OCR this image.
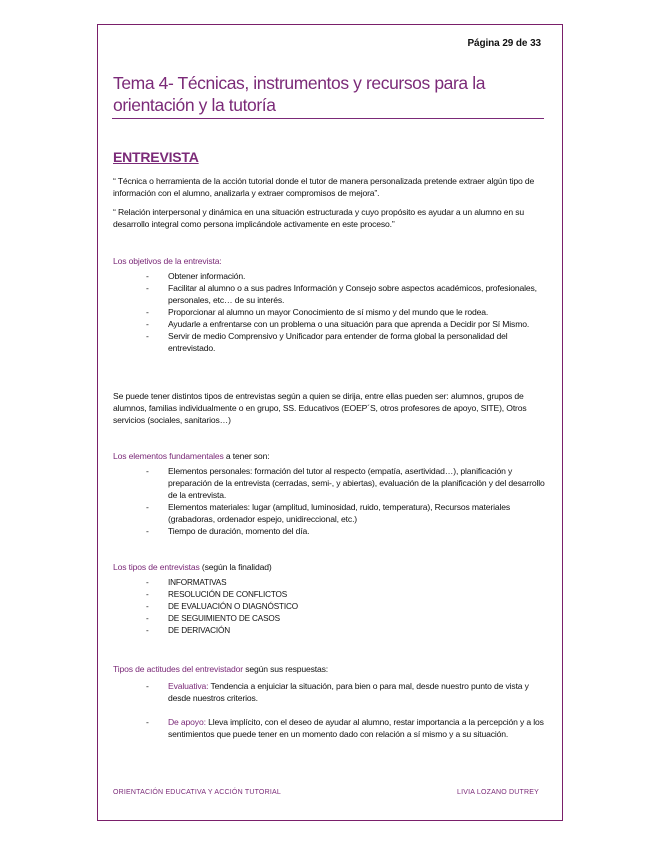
Página 29 de 33
Tema 4- Técnicas, instrumentos y recursos para la orientación y la tutoría
ENTREVISTA
“ Técnica o herramienta de la acción tutorial donde el tutor de manera personalizada pretende extraer algún tipo de información con el alumno, analizarla y extraer compromisos de mejora”.
“ Relación interpersonal y dinámica en una situación estructurada y cuyo propósito es ayudar a un alumno en su desarrollo integral como persona implicándole activamente en este proceso.”
Los objetivos de la entrevista:
- Obtener información.
- Facilitar al alumno o a sus padres Información y Consejo sobre aspectos académicos, profesionales, personales, etc… de su interés.
- Proporcionar al alumno un mayor Conocimiento de sí mismo y del mundo que le rodea.
- Ayudarle a enfrentarse con un problema o una situación para que aprenda a Decidir por Sí Mismo.
- Servir de medio Comprensivo y Unificador para entender de forma global la personalidad del entrevistado.
Se puede tener distintos tipos de entrevistas según a quien se dirija, entre ellas pueden ser: alumnos, grupos de alumnos, familias individualmente o en grupo, SS. Educativos (EOEP´S, otros profesores de apoyo, SITE), Otros servicios (sociales, sanitarios…)
Los elementos fundamentales a tener son:
- Elementos personales: formación del tutor al respecto (empatía, asertividad…), planificación y preparación de la entrevista (cerradas, semi-, y abiertas), evaluación de la planificación y del desarrollo de la entrevista.
- Elementos materiales: lugar (amplitud, luminosidad, ruido, temperatura), Recursos materiales (grabadoras, ordenador espejo, unidireccional, etc.)
- Tiempo de duración, momento del día.
Los tipos de entrevistas (según la finalidad)
- INFORMATIVAS
- RESOLUCIÓN DE CONFLICTOS
- DE EVALUACIÓN O DIAGNÓSTICO
- DE SEGUIMIENTO DE CASOS
- DE DERIVACIÓN
Tipos de actitudes del entrevistador según sus respuestas:
- Evaluativa: Tendencia a enjuiciar la situación, para bien o para mal, desde nuestro punto de vista y desde nuestros criterios.
- De apoyo: Lleva implícito, con el deseo de ayudar al alumno, restar importancia a la percepción y a los sentimientos que puede tener en un momento dado con relación a sí mismo y a su situación.
ORIENTACIÓN EDUCATIVA Y ACCIÓN TUTORIAL	LIVIA LOZANO DUTREY
